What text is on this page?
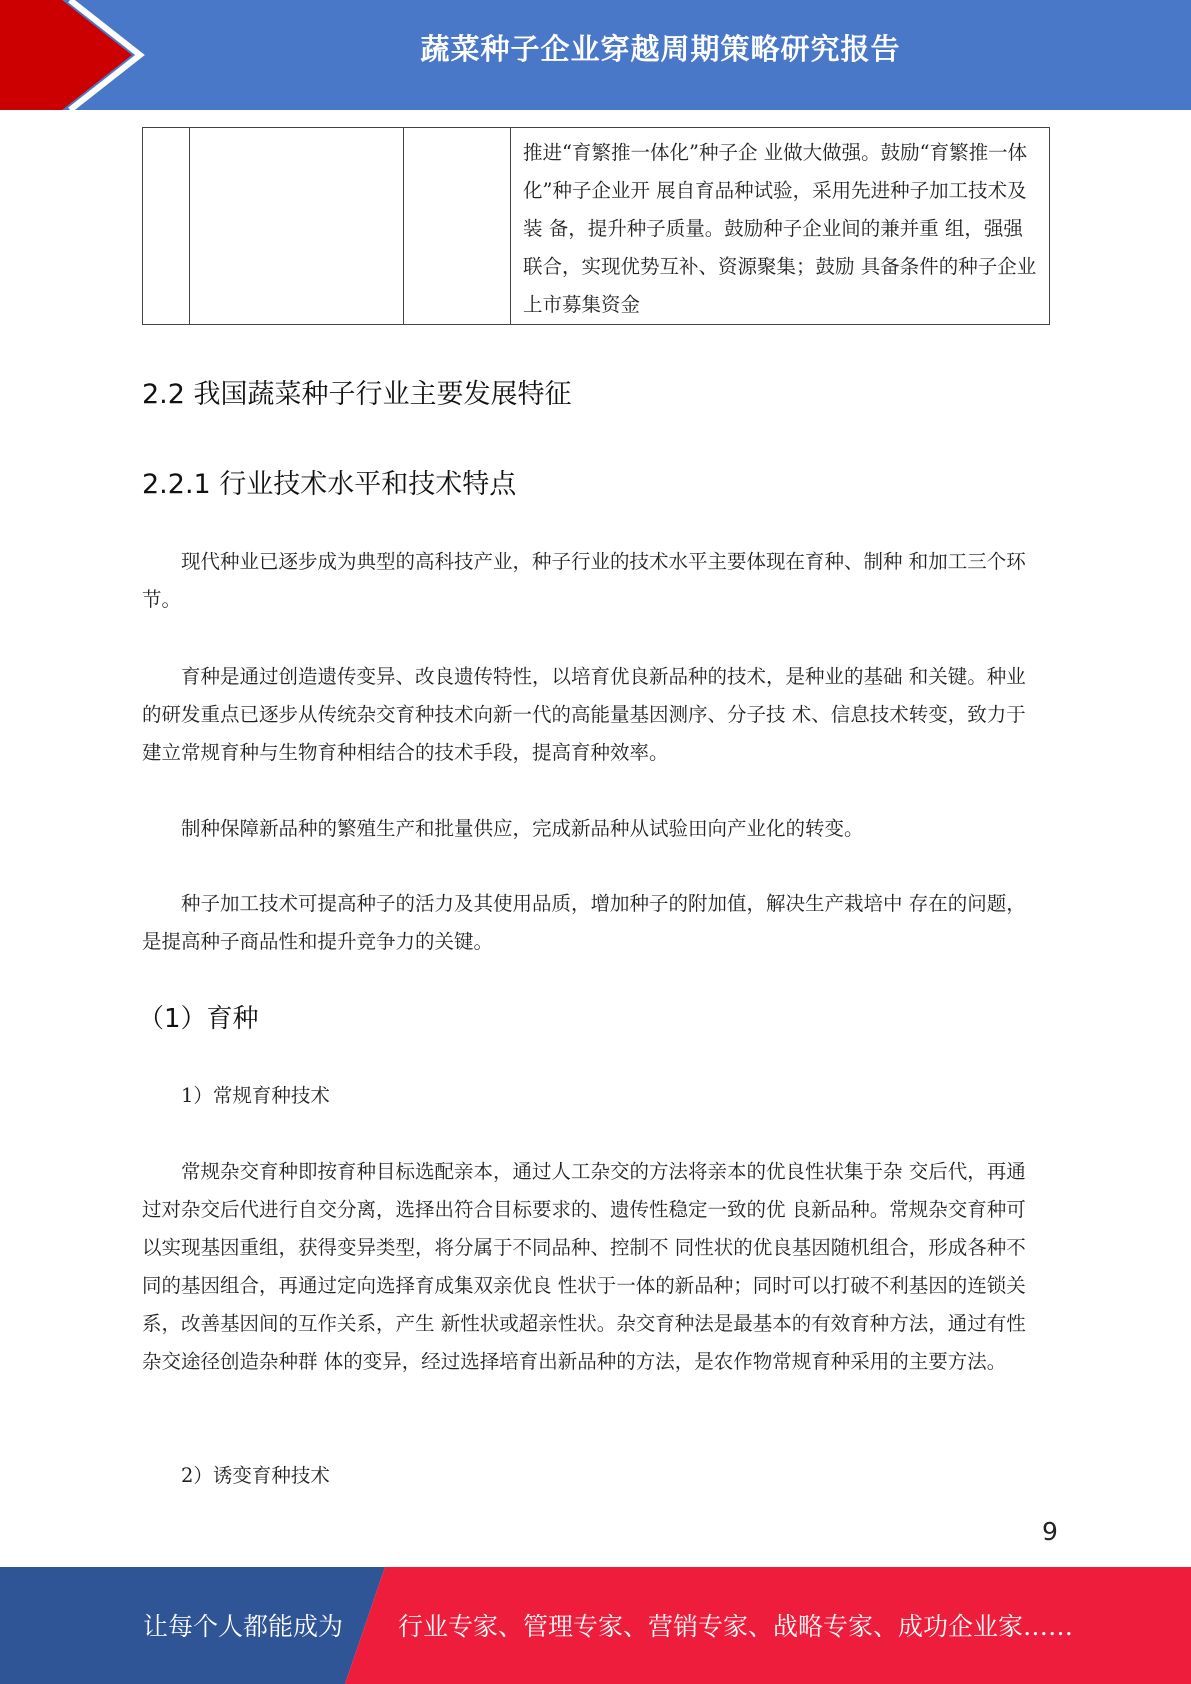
蔬菜种子企业穿越周期策略研究报告
			推进“育繁推一体化”种子企 业做大做强。鼓励“育繁推一体化”种子企业开 展自育品种试验，采用先进种子加工技术及装 备，提升种子质量。鼓励种子企业间的兼并重 组，强强联合，实现优势互补、资源聚集；鼓励 具备条件的种子企业上市募集资金
2.2 我国蔬菜种子行业主要发展特征
2.2.1 行业技术水平和技术特点

现代种业已逐步成为典型的高科技产业，种子行业的技术水平主要体现在育种、制种 和加工三个环节。

育种是通过创造遗传变异、改良遗传特性，以培育优良新品种的技术，是种业的基础 和关键。种业的研发重点已逐步从传统杂交育种技术向新一代的高能量基因测序、分子技 术、信息技术转变，致力于建立常规育种与生物育种相结合的技术手段，提高育种效率。

制种保障新品种的繁殖生产和批量供应，完成新品种从试验田向产业化的转变。

种子加工技术可提高种子的活力及其使用品质，增加种子的附加值，解决生产栽培中 存在的问题，是提高种子商品性和提升竞争力的关键。

（1）育种

1）常规育种技术

常规杂交育种即按育种目标选配亲本，通过人工杂交的方法将亲本的优良性状集于杂 交后代，再通过对杂交后代进行自交分离，选择出符合目标要求的、遗传性稳定一致的优 良新品种。常规杂交育种可以实现基因重组，获得变异类型，将分属于不同品种、控制不 同性状的优良基因随机组合，形成各种不同的基因组合，再通过定向选择育成集双亲优良 性状于一体的新品种；同时可以打破不利基因的连锁关系，改善基因间的互作关系，产生 新性状或超亲性状。杂交育种法是最基本的有效育种方法，通过有性杂交途径创造杂种群 体的变异，经过选择培育出新品种的方法，是农作物常规育种采用的主要方法。

2）诱变育种技术

9
让每个人都能成为 行业专家、管理专家、营销专家、战略专家、成功企业家……
